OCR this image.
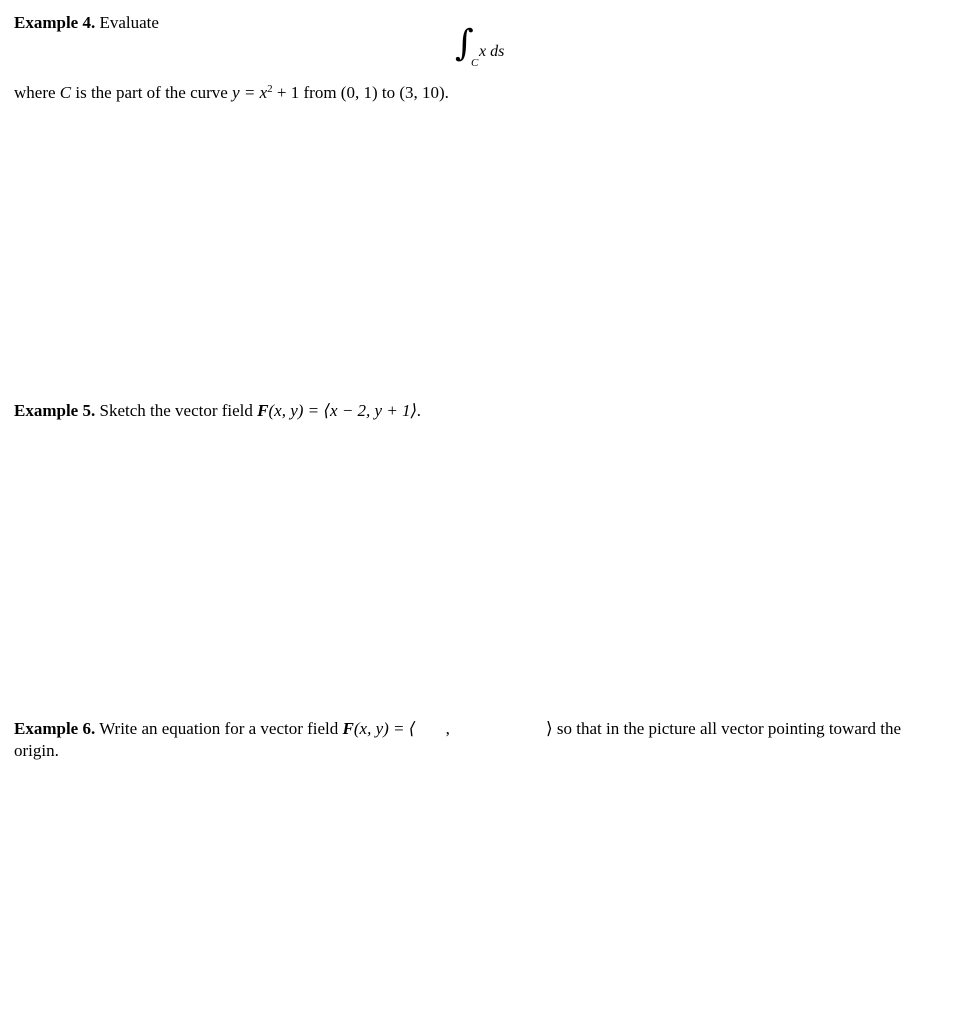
Example 4. Evaluate
∫
C
x ds
where C is the part of the curve $y = x^2 + 1$ from (0, 1) to (3, 10).
Example 5. Sketch the vector field F(x, y) = ⟨x − 2, y + 1⟩.
Example 6. Write an equation for a vector field F(x, y) = ⟨ ,	⟩ so that in the picture all vector pointing toward the
origin.
